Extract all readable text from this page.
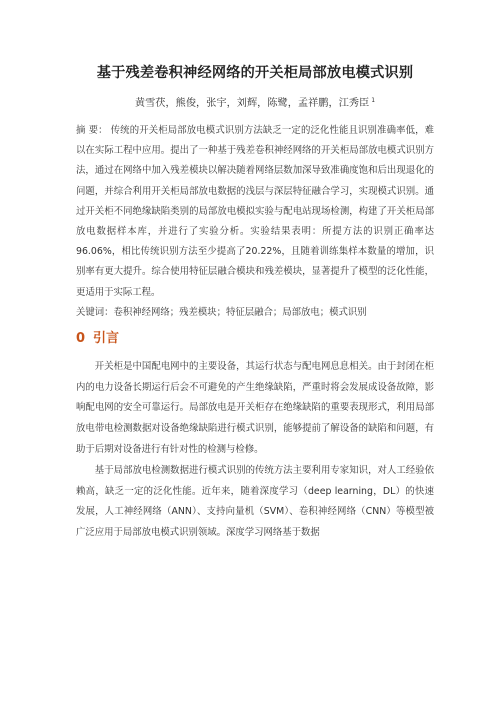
基于残差卷积神经网络的开关柜局部放电模式识别
黄雪茯，熊俊，张宇，刘辉，陈鹭，孟祥鹏，江秀臣 $^1$

摘 要： 传统的开关柜局部放电模式识别方法缺乏一定的泛化性能且识别准确率低，难以在实际工程中应用。提出了一种基于残差卷积神经网络的开关柜局部放电模式识别方法，通过在网络中加入残差模块以解决随着网络层数加深导致准确度饱和后出现退化的问题，并综合利用开关柜局部放电数据的浅层与深层特征融合学习，实现模式识别。通过开关柜不同绝缘缺陷类别的局部放电模拟实验与配电站现场检测，构建了开关柜局部放电数据样本库，并进行了实验分析。实验结果表明：所提方法的识别正确率达 96.06%，相比传统识别方法至少提高了20.22%，且随着训练集样本数量的增加，识别率有更大提升。综合使用特征层融合模块和残差模块，显著提升了模型的泛化性能，更适用于实际工程。

关键词：卷积神经网络；残差模块；特征层融合；局部放电；模式识别

0 引言

开关柜是中国配电网中的主要设备，其运行状态与配电网息息相关。由于封闭在柜内的电力设备长期运行后会不可避免的产生绝缘缺陷，严重时将会发展成设备故障，影响配电网的安全可靠运行。局部放电是开关柜存在绝缘缺陷的重要表现形式，利用局部放电带电检测数据对设备绝缘缺陷进行模式识别，能够提前了解设备的缺陷和问题，有助于后期对设备进行有针对性的检测与检修。

基于局部放电检测数据进行模式识别的传统方法主要利用专家知识，对人工经验依赖高，缺乏一定的泛化性能。近年来，随着深度学习（deep learning，DL）的快速发展，人工神经网络（ANN）、支持向量机（SVM）、卷积神经网络（CNN）等模型被广泛应用于局部放电模式识别领域。深度学习网络基于数据
